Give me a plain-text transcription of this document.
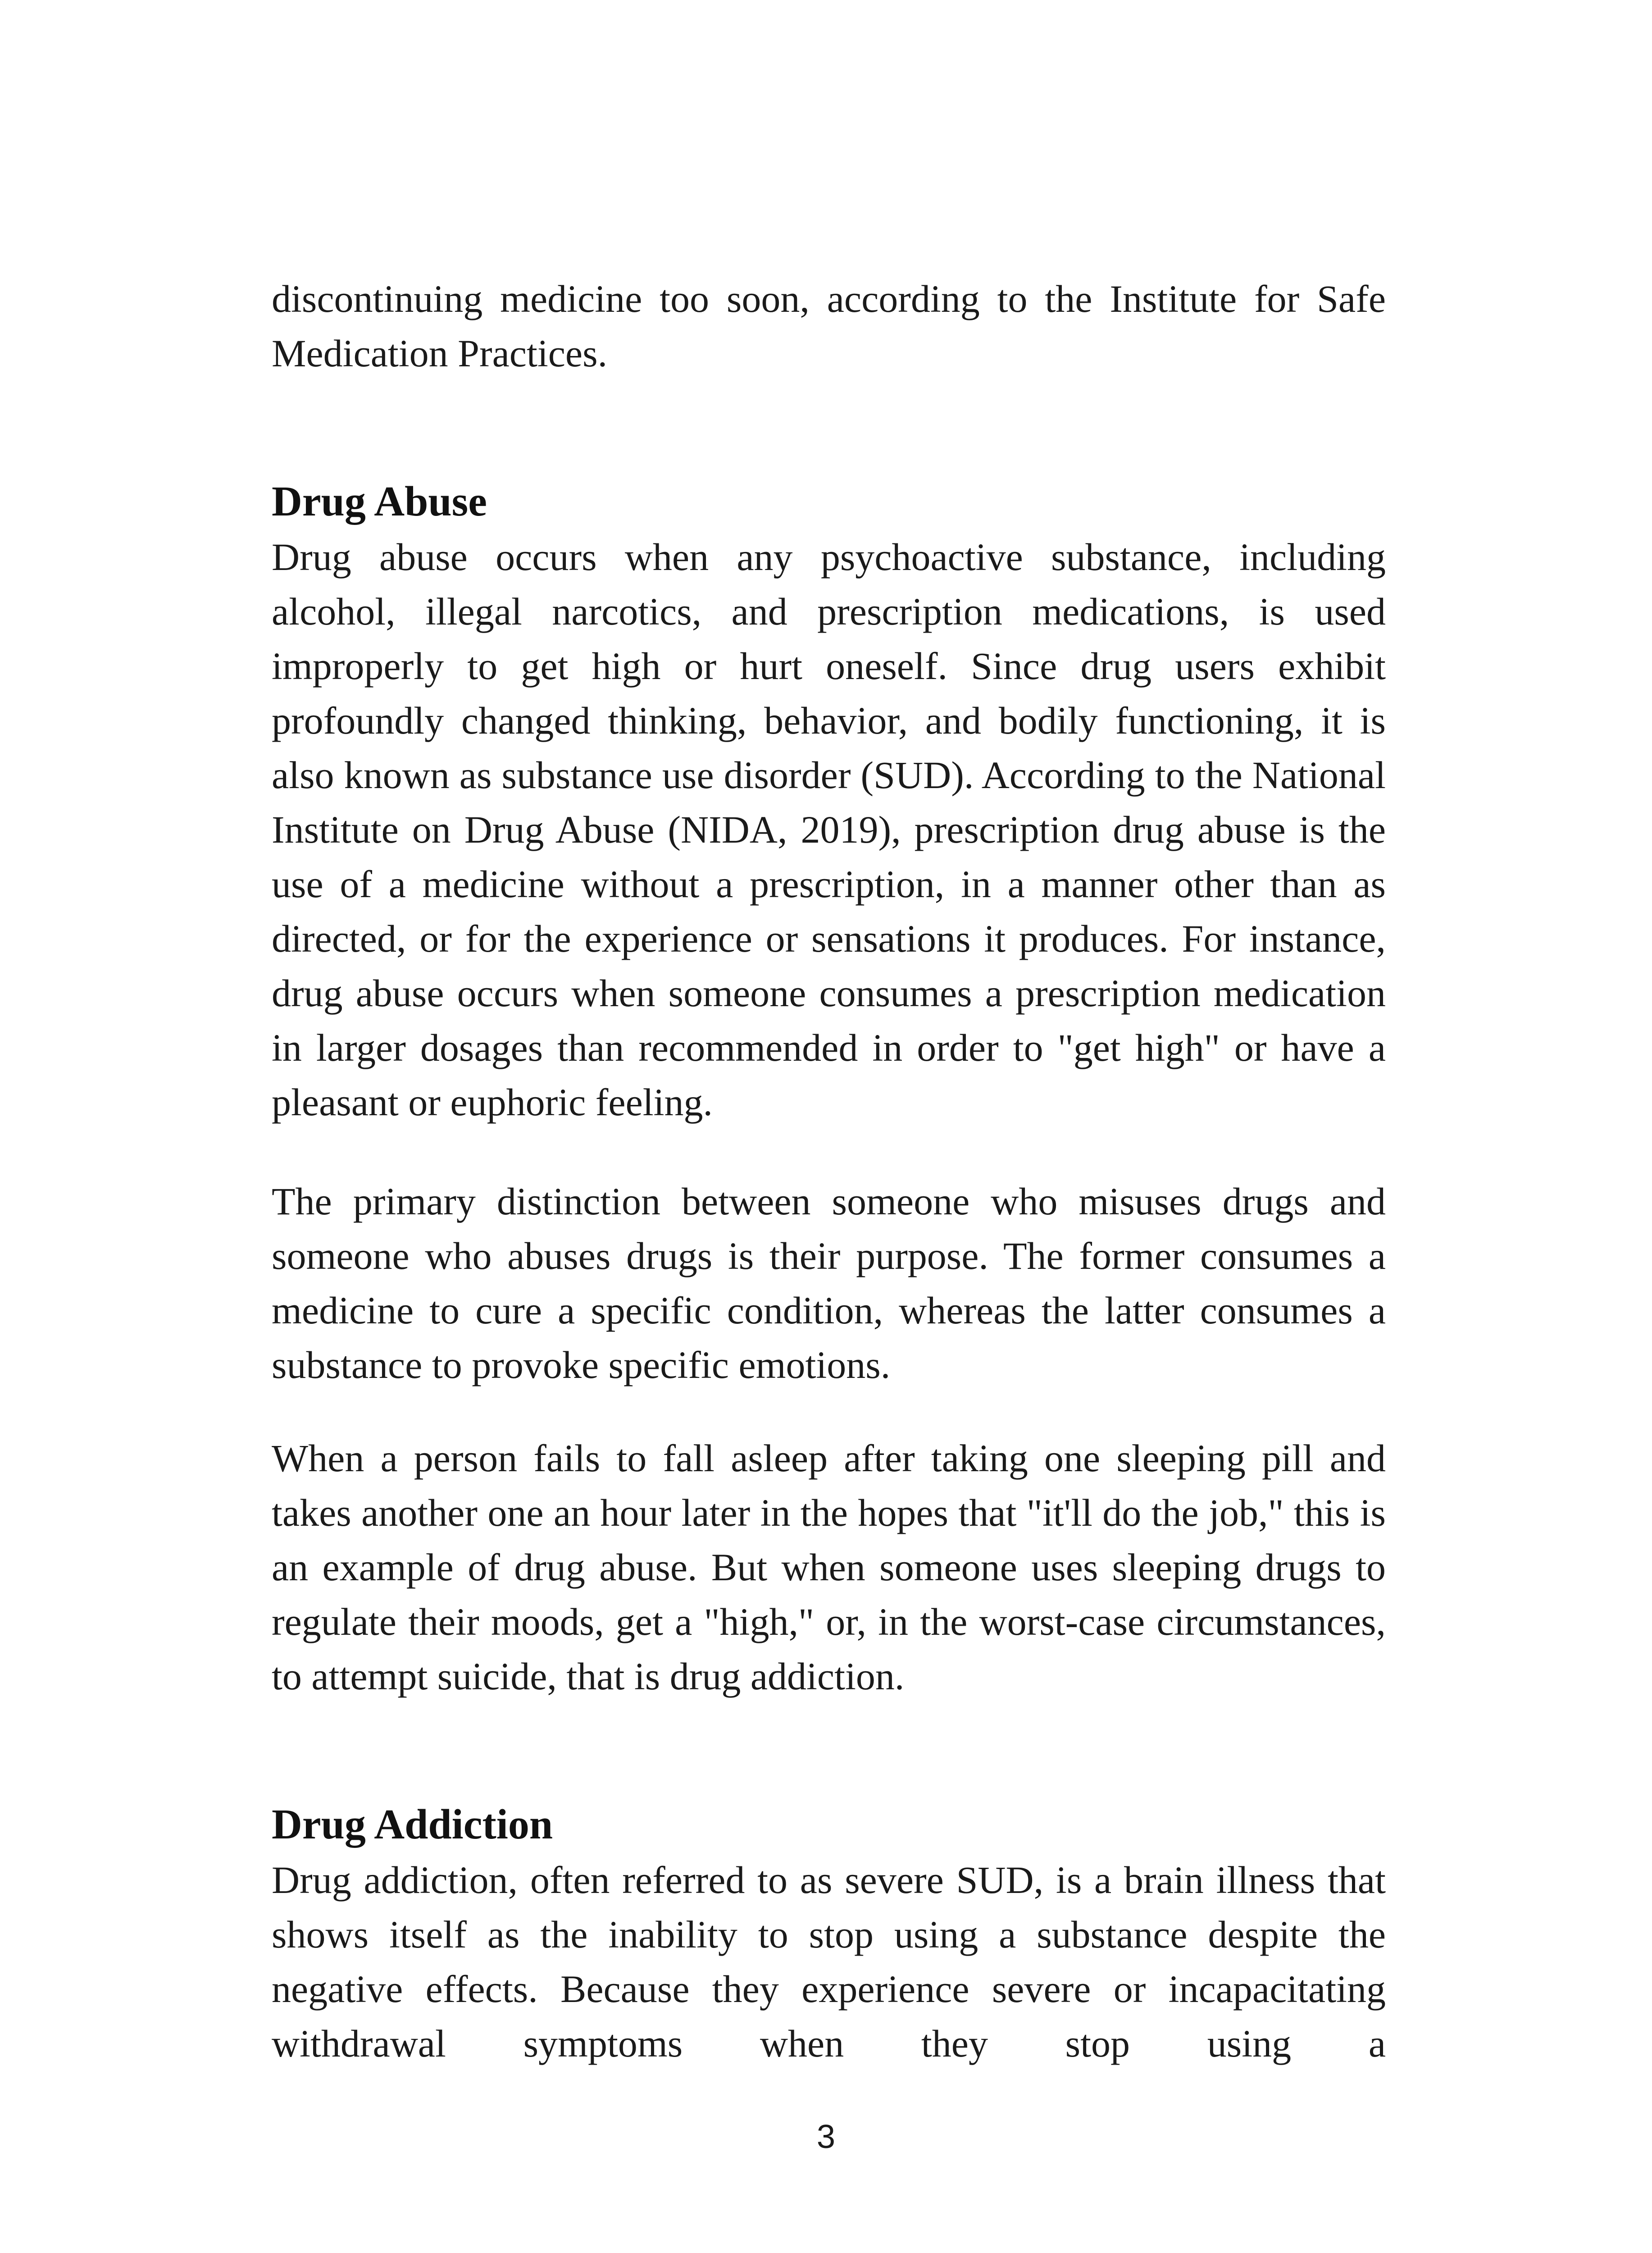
discontinuing medicine too soon, according to the Institute for Safe Medication Practices.

Drug Abuse

Drug abuse occurs when any psychoactive substance, including alcohol, illegal narcotics, and prescription medications, is used improperly to get high or hurt oneself. Since drug users exhibit profoundly changed thinking, behavior, and bodily functioning, it is also known as substance use disorder (SUD). According to the National Institute on Drug Abuse (NIDA, 2019), prescription drug abuse is the use of a medicine without a prescription, in a manner other than as directed, or for the experience or sensations it produces. For instance, drug abuse occurs when someone consumes a prescription medication in larger dosages than recommended in order to "get high" or have a pleasant or euphoric feeling.

The primary distinction between someone who misuses drugs and someone who abuses drugs is their purpose. The former consumes a medicine to cure a specific condition, whereas the latter consumes a substance to provoke specific emotions.

When a person fails to fall asleep after taking one sleeping pill and takes another one an hour later in the hopes that "it'll do the job," this is an example of drug abuse. But when someone uses sleeping drugs to regulate their moods, get a "high," or, in the worst-case circumstances, to attempt suicide, that is drug addiction.

Drug Addiction

Drug addiction, often referred to as severe SUD, is a brain illness that shows itself as the inability to stop using a substance despite the negative effects. Because they experience severe or incapacitating withdrawal symptoms when they stop using a

3
